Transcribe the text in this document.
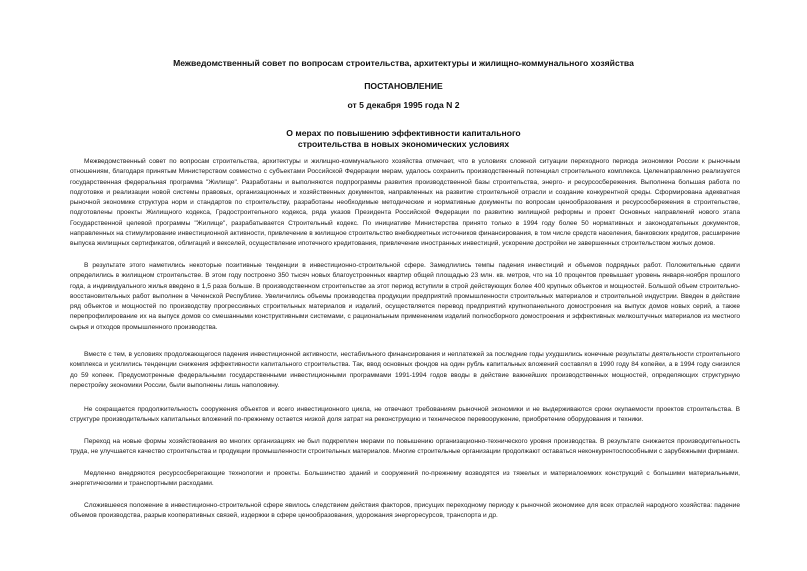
Межведомственный совет по вопросам строительства, архитектуры и жилищно-коммунального хозяйства
ПОСТАНОВЛЕНИЕ
от 5 декабря 1995 года N 2
О мерах по повышению эффективности капитального
строительства в новых экономических условиях

Межведомственный совет по вопросам строительства, архитектуры и жилищно-коммунального хозяйства отмечает, что в условиях сложной ситуации переходного периода экономики России к рыночным отношениям, благодаря принятым Министерством совместно с субъектами Российской Федерации мерам, удалось сохранить производственный потенциал строительного комплекса. Целенаправленно реализуется государственная федеральная программа "Жилище". Разработаны и выполняются подпрограммы развития производственной базы строительства, энерго- и ресурсосбережения. Выполнена большая работа по подготовке и реализации новой системы правовых, организационных и хозяйственных документов, направленных на развитие строительной отрасли и создание конкурентной среды. Сформирована адекватная рыночной экономике структура норм и стандартов по строительству, разработаны необходимые методические и нормативные документы по вопросам ценообразования и ресурсосбережения в строительстве, подготовлены проекты Жилищного кодекса, Градостроительного кодекса, ряда указов Президента Российской Федерации по развитию жилищной реформы и проект Основных направлений нового этапа Государственной целевой программы "Жилище", разрабатывается Строительный кодекс. По инициативе Министерства принято только в 1994 году более 50 нормативных и законодательных документов, направленных на стимулирование инвестиционной активности, привлечение в жилищное строительство внебюджетных источников финансирования, в том числе средств населения, банковских кредитов, расширение выпуска жилищных сертификатов, облигаций и векселей, осуществление ипотечного кредитования, привлечение иностранных инвестиций, ускорение достройки не завершенных строительством жилых домов.

В результате этого наметились некоторые позитивные тенденции в инвестиционно-строительной сфере. Замедлились темпы падения инвестиций и объемов подрядных работ. Положительные сдвиги определились в жилищном строительстве. В этом году построено 350 тысяч новых благоустроенных квартир общей площадью 23 млн. кв. метров, что на 10 процентов превышает уровень января-ноября прошлого года, а индивидуального жилья введено в 1,5 раза больше. В производственном строительстве за этот период вступили в строй действующих более 400 крупных объектов и мощностей. Большой объем строительно-восстановительных работ выполнен в Чеченской Республике. Увеличились объемы производства продукции предприятий промышленности строительных материалов и строительной индустрии. Введен в действие ряд объектов и мощностей по производству прогрессивных строительных материалов и изделий, осуществляется перевод предприятий крупнопанельного домостроения на выпуск домов новых серий, а также перепрофилирование их на выпуск домов со смешанными конструктивными системами, с рациональным применением изделий полносборного домостроения и эффективных мелкоштучных материалов из местного сырья и отходов промышленного производства.

Вместе с тем, в условиях продолжающегося падения инвестиционной активности, нестабильного финансирования и неплатежей за последние годы ухудшились конечные результаты деятельности строительного комплекса и усилились тенденции снижения эффективности капитального строительства. Так, ввод основных фондов на один рубль капитальных вложений составлял в 1990 году 84 копейки, а в 1994 году снизился до 59 копеек. Предусмотренные федеральными государственными инвестиционными программами 1991-1994 годов вводы в действие важнейших производственных мощностей, определяющих структурную перестройку экономики России, были выполнены лишь наполовину.

Не сокращается продолжительность сооружения объектов и всего инвестиционного цикла, не отвечают требованиям рыночной экономики и не выдерживаются сроки окупаемости проектов строительства. В структуре производительных капитальных вложений по-прежнему остается низкой доля затрат на реконструкцию и техническое перевооружение, приобретение оборудования и техники.

Переход на новые формы хозяйствования во многих организациях не был подкреплен мерами по повышению организационно-технического уровня производства. В результате снижается производительность труда, не улучшается качество строительства и продукции промышленности строительных материалов. Многие строительные организации продолжают оставаться неконкурентоспособными с зарубежными фирмами.

Медленно внедряются ресурсосберегающие технологии и проекты. Большинство зданий и сооружений по-прежнему возводятся из тяжелых и материалоемких конструкций с большими материальными, энергетическими и транспортными расходами.

Сложившееся положение в инвестиционно-строительной сфере явилось следствием действия факторов, присущих переходному периоду к рыночной экономике для всех отраслей народного хозяйства: падение объемов производства, разрыв кооперативных связей, издержки в сфере ценообразования, удорожания энергоресурсов, транспорта и др.
